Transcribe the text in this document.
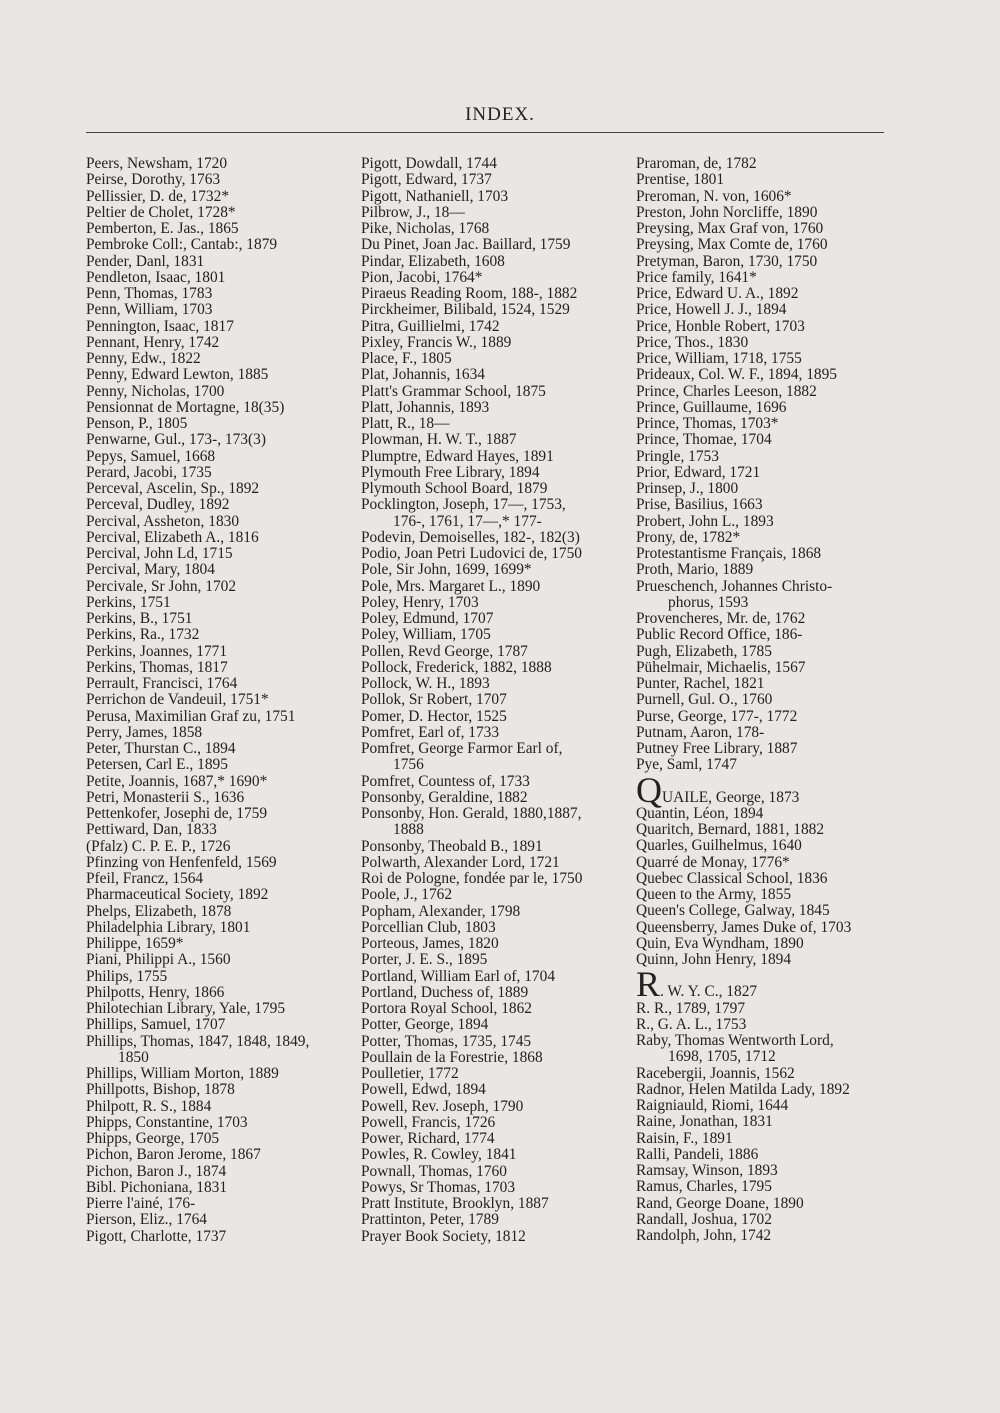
INDEX.
Peers, Newsham, 1720
Peirse, Dorothy, 1763
Pellissier, D. de, 1732*
Peltier de Cholet, 1728*
Pemberton, E. Jas., 1865
Pembroke Coll:, Cantab:, 1879
Pender, Danl, 1831
Pendleton, Isaac, 1801
Penn, Thomas, 1783
Penn, William, 1703
Pennington, Isaac, 1817
Pennant, Henry, 1742
Penny, Edw., 1822
Penny, Edward Lewton, 1885
Penny, Nicholas, 1700
Pensionnat de Mortagne, 18(35)
Penson, P., 1805
Penwarne, Gul., 173-, 173(3)
Pepys, Samuel, 1668
Perard, Jacobi, 1735
Perceval, Ascelin, Sp., 1892
Perceval, Dudley, 1892
Percival, Assheton, 1830
Percival, Elizabeth A., 1816
Percival, John Ld, 1715
Percival, Mary, 1804
Percivale, Sr John, 1702
Perkins, 1751
Perkins, B., 1751
Perkins, Ra., 1732
Perkins, Joannes, 1771
Perkins, Thomas, 1817
Perrault, Francisci, 1764
Perrichon de Vandeuil, 1751*
Perusa, Maximilian Graf zu, 1751
Perry, James, 1858
Peter, Thurstan C., 1894
Petersen, Carl E., 1895
Petite, Joannis, 1687,* 1690*
Petri, Monasterii S., 1636
Pettenkofer, Josephi de, 1759
Pettiward, Dan, 1833
(Pfalz) C. P. E. P., 1726
Pfinzing von Henfenfeld, 1569
Pfeil, Francz, 1564
Pharmaceutical Society, 1892
Phelps, Elizabeth, 1878
Philadelphia Library, 1801
Philippe, 1659*
Piani, Philippi A., 1560
Philips, 1755
Philpotts, Henry, 1866
Philotechian Library, Yale, 1795
Phillips, Samuel, 1707
Phillips, Thomas, 1847, 1848, 1849,
1850
Phillips, William Morton, 1889
Phillpotts, Bishop, 1878
Philpott, R. S., 1884
Phipps, Constantine, 1703
Phipps, George, 1705
Pichon, Baron Jerome, 1867
Pichon, Baron J., 1874
Bibl. Pichoniana, 1831
Pierre l'ainé, 176-
Pierson, Eliz., 1764
Pigott, Charlotte, 1737
Pigott, Dowdall, 1744
Pigott, Edward, 1737
Pigott, Nathaniell, 1703
Pilbrow, J., 18—
Pike, Nicholas, 1768
Du Pinet, Joan Jac. Baillard, 1759
Pindar, Elizabeth, 1608
Pion, Jacobi, 1764*
Piraeus Reading Room, 188-, 1882
Pirckheimer, Bilibald, 1524, 1529
Pitra, Guillielmi, 1742
Pixley, Francis W., 1889
Place, F., 1805
Plat, Johannis, 1634
Platt's Grammar School, 1875
Platt, Johannis, 1893
Platt, R., 18—
Plowman, H. W. T., 1887
Plumptre, Edward Hayes, 1891
Plymouth Free Library, 1894
Plymouth School Board, 1879
Pocklington, Joseph, 17—, 1753,
176-, 1761, 17—,* 177-
Podevin, Demoiselles, 182-, 182(3)
Podio, Joan Petri Ludovici de, 1750
Pole, Sir John, 1699, 1699*
Pole, Mrs. Margaret L., 1890
Poley, Henry, 1703
Poley, Edmund, 1707
Poley, William, 1705
Pollen, Revd George, 1787
Pollock, Frederick, 1882, 1888
Pollock, W. H., 1893
Pollok, Sr Robert, 1707
Pomer, D. Hector, 1525
Pomfret, Earl of, 1733
Pomfret, George Farmor Earl of,
1756
Pomfret, Countess of, 1733
Ponsonby, Geraldine, 1882
Ponsonby, Hon. Gerald, 1880,1887,
1888
Ponsonby, Theobald B., 1891
Polwarth, Alexander Lord, 1721
Roi de Pologne, fondée par le, 1750
Poole, J., 1762
Popham, Alexander, 1798
Porcellian Club, 1803
Porteous, James, 1820
Porter, J. E. S., 1895
Portland, William Earl of, 1704
Portland, Duchess of, 1889
Portora Royal School, 1862
Potter, George, 1894
Potter, Thomas, 1735, 1745
Poullain de la Forestrie, 1868
Poulletier, 1772
Powell, Edwd, 1894
Powell, Rev. Joseph, 1790
Powell, Francis, 1726
Power, Richard, 1774
Powles, R. Cowley, 1841
Pownall, Thomas, 1760
Powys, Sr Thomas, 1703
Pratt Institute, Brooklyn, 1887
Prattinton, Peter, 1789
Prayer Book Society, 1812
Praroman, de, 1782
Prentise, 1801
Preroman, N. von, 1606*
Preston, John Norcliffe, 1890
Preysing, Max Graf von, 1760
Preysing, Max Comte de, 1760
Pretyman, Baron, 1730, 1750
Price family, 1641*
Price, Edward U. A., 1892
Price, Howell J. J., 1894
Price, Honble Robert, 1703
Price, Thos., 1830
Price, William, 1718, 1755
Prideaux, Col. W. F., 1894, 1895
Prince, Charles Leeson, 1882
Prince, Guillaume, 1696
Prince, Thomas, 1703*
Prince, Thomae, 1704
Pringle, 1753
Prior, Edward, 1721
Prinsep, J., 1800
Prise, Basilius, 1663
Probert, John L., 1893
Prony, de, 1782*
Protestantisme Français, 1868
Proth, Mario, 1889
Prueschench, Johannes Christo-
phorus, 1593
Provencheres, Mr. de, 1762
Public Record Office, 186-
Pugh, Elizabeth, 1785
Pühelmair, Michaelis, 1567
Punter, Rachel, 1821
Purnell, Gul. O., 1760
Purse, George, 177-, 1772
Putnam, Aaron, 178-
Putney Free Library, 1887
Pye, Saml, 1747
QUAILE, George, 1873
Quantin, Léon, 1894
Quaritch, Bernard, 1881, 1882
Quarles, Guilhelmus, 1640
Quarré de Monay, 1776*
Quebec Classical School, 1836
Queen to the Army, 1855
Queen's College, Galway, 1845
Queensberry, James Duke of, 1703
Quin, Eva Wyndham, 1890
Quinn, John Henry, 1894
R. W. Y. C., 1827
R. R., 1789, 1797
R., G. A. L., 1753
Raby, Thomas Wentworth Lord,
1698, 1705, 1712
Racebergii, Joannis, 1562
Radnor, Helen Matilda Lady, 1892
Raigniauld, Riomi, 1644
Raine, Jonathan, 1831
Raisin, F., 1891
Ralli, Pandeli, 1886
Ramsay, Winson, 1893
Ramus, Charles, 1795
Rand, George Doane, 1890
Randall, Joshua, 1702
Randolph, John, 1742
